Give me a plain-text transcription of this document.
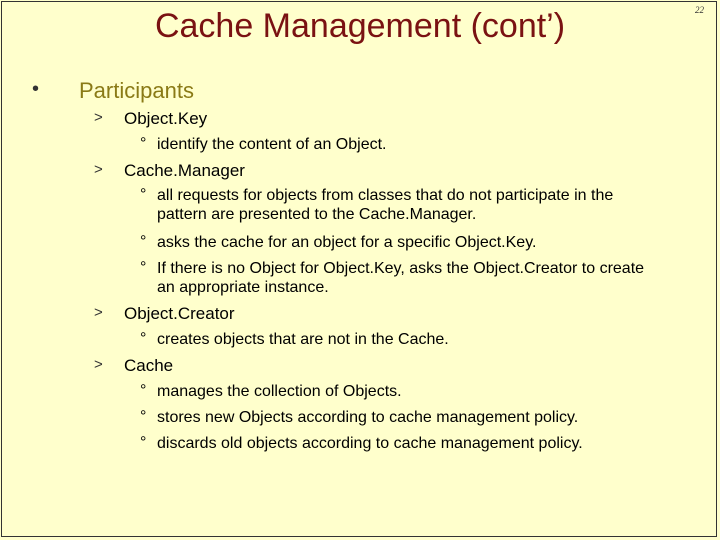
22
Cache Management (cont’)
• Participants
> Object.Key
° identify the content of an Object.
> Cache.Manager
° all requests for objects from classes that do not participate in the pattern are presented to the Cache.Manager.
° asks the cache for an object for a specific Object.Key.
° If there is no Object for Object.Key, asks the Object.Creator to create an appropriate instance.
> Object.Creator
° creates objects that are not in the Cache.
> Cache
° manages the collection of Objects.
° stores new Objects according to cache management policy.
° discards old objects according to cache management policy.
